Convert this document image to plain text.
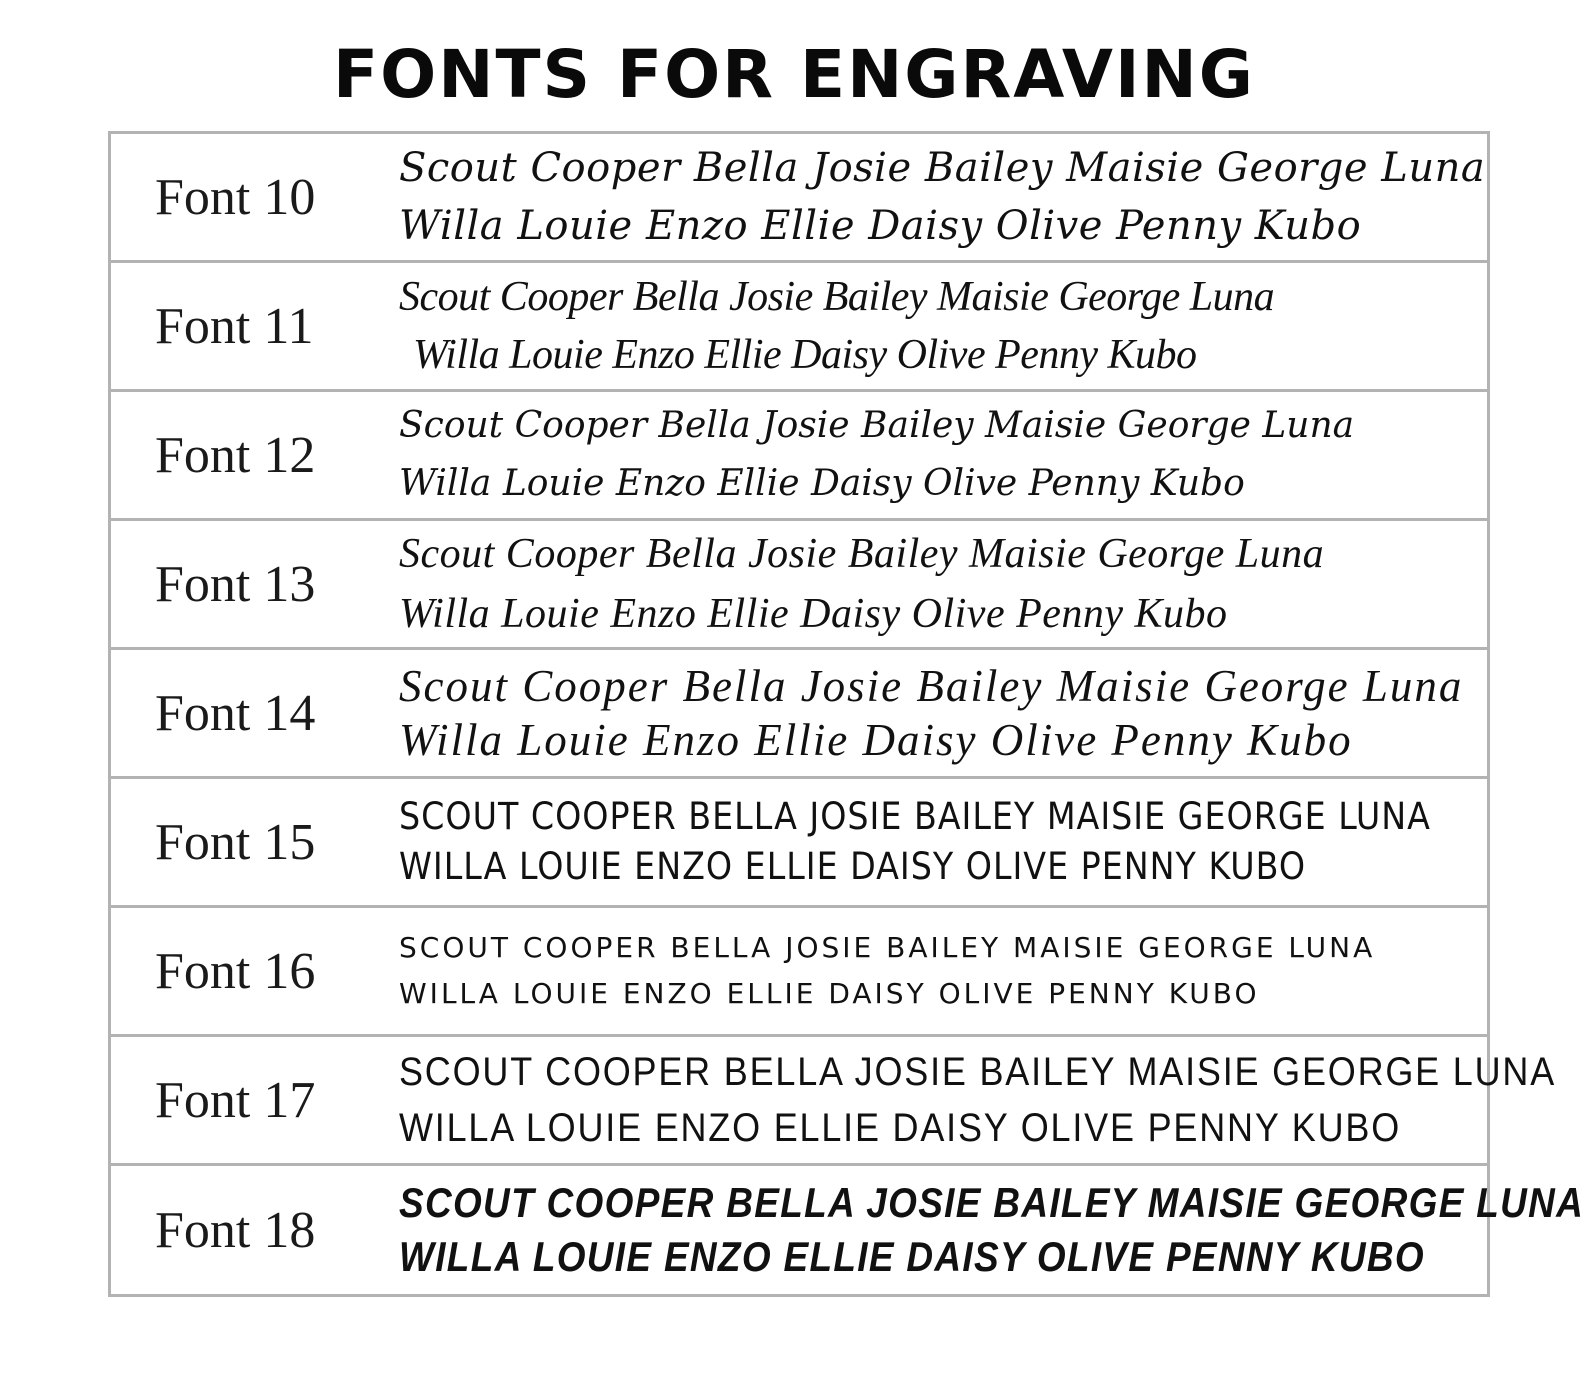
FONTS FOR ENGRAVING
Font 10
Scout Cooper Bella Josie Bailey Maisie George Luna
Willa Louie Enzo Ellie Daisy Olive Penny Kubo
Font 11
Scout Cooper Bella Josie Bailey Maisie George Luna
Willa Louie Enzo Ellie Daisy Olive Penny Kubo
Font 12
Scout Cooper Bella Josie Bailey Maisie George Luna
Willa Louie Enzo Ellie Daisy Olive Penny Kubo
Font 13
Scout Cooper Bella Josie Bailey Maisie George Luna
Willa Louie Enzo Ellie Daisy Olive Penny Kubo
Font 14 Scout Cooper Bella Josie Bailey Maisie George Luna
Willa Louie Enzo Ellie Daisy Olive Penny Kubo
Font 15 SCOUT COOPER BELLA JOSIE BAILEY MAISIE GEORGE LUNA
WILLA LOUIE ENZO ELLIE DAISY OLIVE PENNY KUBO
Font 16	SCOUT COOPER BELLA JOSIE BAILEY MAISIE GEORGE LUNA
WILLA LOUIE ENZO ELLIE DAISY OLIVE PENNY KUBO
Font 17 SCOUT COOPER BELLA JOSIE BAILEY MAISIE GEORGE LUNA
WILLA LOUIE ENZO ELLIE DAISY OLIVE PENNY KUBO
Font 18 SCOUT COOPER BELLA JOSIE BAILEY MAISIE GEORGE LUNA
WILLA LOUIE ENZO ELLIE DAISY OLIVE PENNY KUBO
